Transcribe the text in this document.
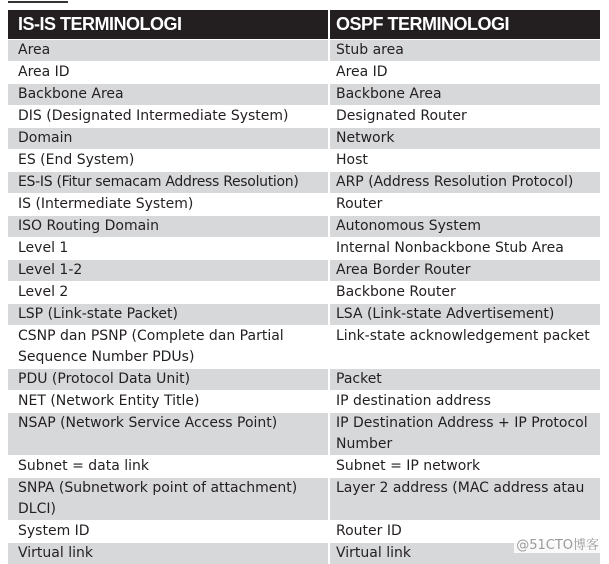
IS-IS TERMINOLOGI	OSPF TERMINOLOGI
Area	Stub area
Area ID	Area ID
Backbone Area	Backbone Area
DIS (Designated Intermediate System)	Designated Router
Domain	Network
ES (End System)	Host
ES-IS (Fitur semacam Address Resolution)	ARP (Address Resolution Protocol)
IS (Intermediate System)	Router
ISO Routing Domain	Autonomous System
Level 1	Internal Nonbackbone Stub Area
Level 1-2	Area Border Router
Level 2	Backbone Router
LSP (Link-state Packet)	LSA (Link-state Advertisement)
CSNP dan PSNP (Complete dan Partial Sequence Number PDUs)	Link-state acknowledgement packet
PDU (Protocol Data Unit)	Packet
NET (Network Entity Title)	IP destination address
NSAP (Network Service Access Point)	IP Destination Address + IP Protocol Number
Subnet = data link	Subnet = IP network
SNPA (Subnetwork point of attachment) DLCI)	Layer 2 address (MAC address atau
System ID	Router ID
Virtual link	Virtual link	@51CTO博客
